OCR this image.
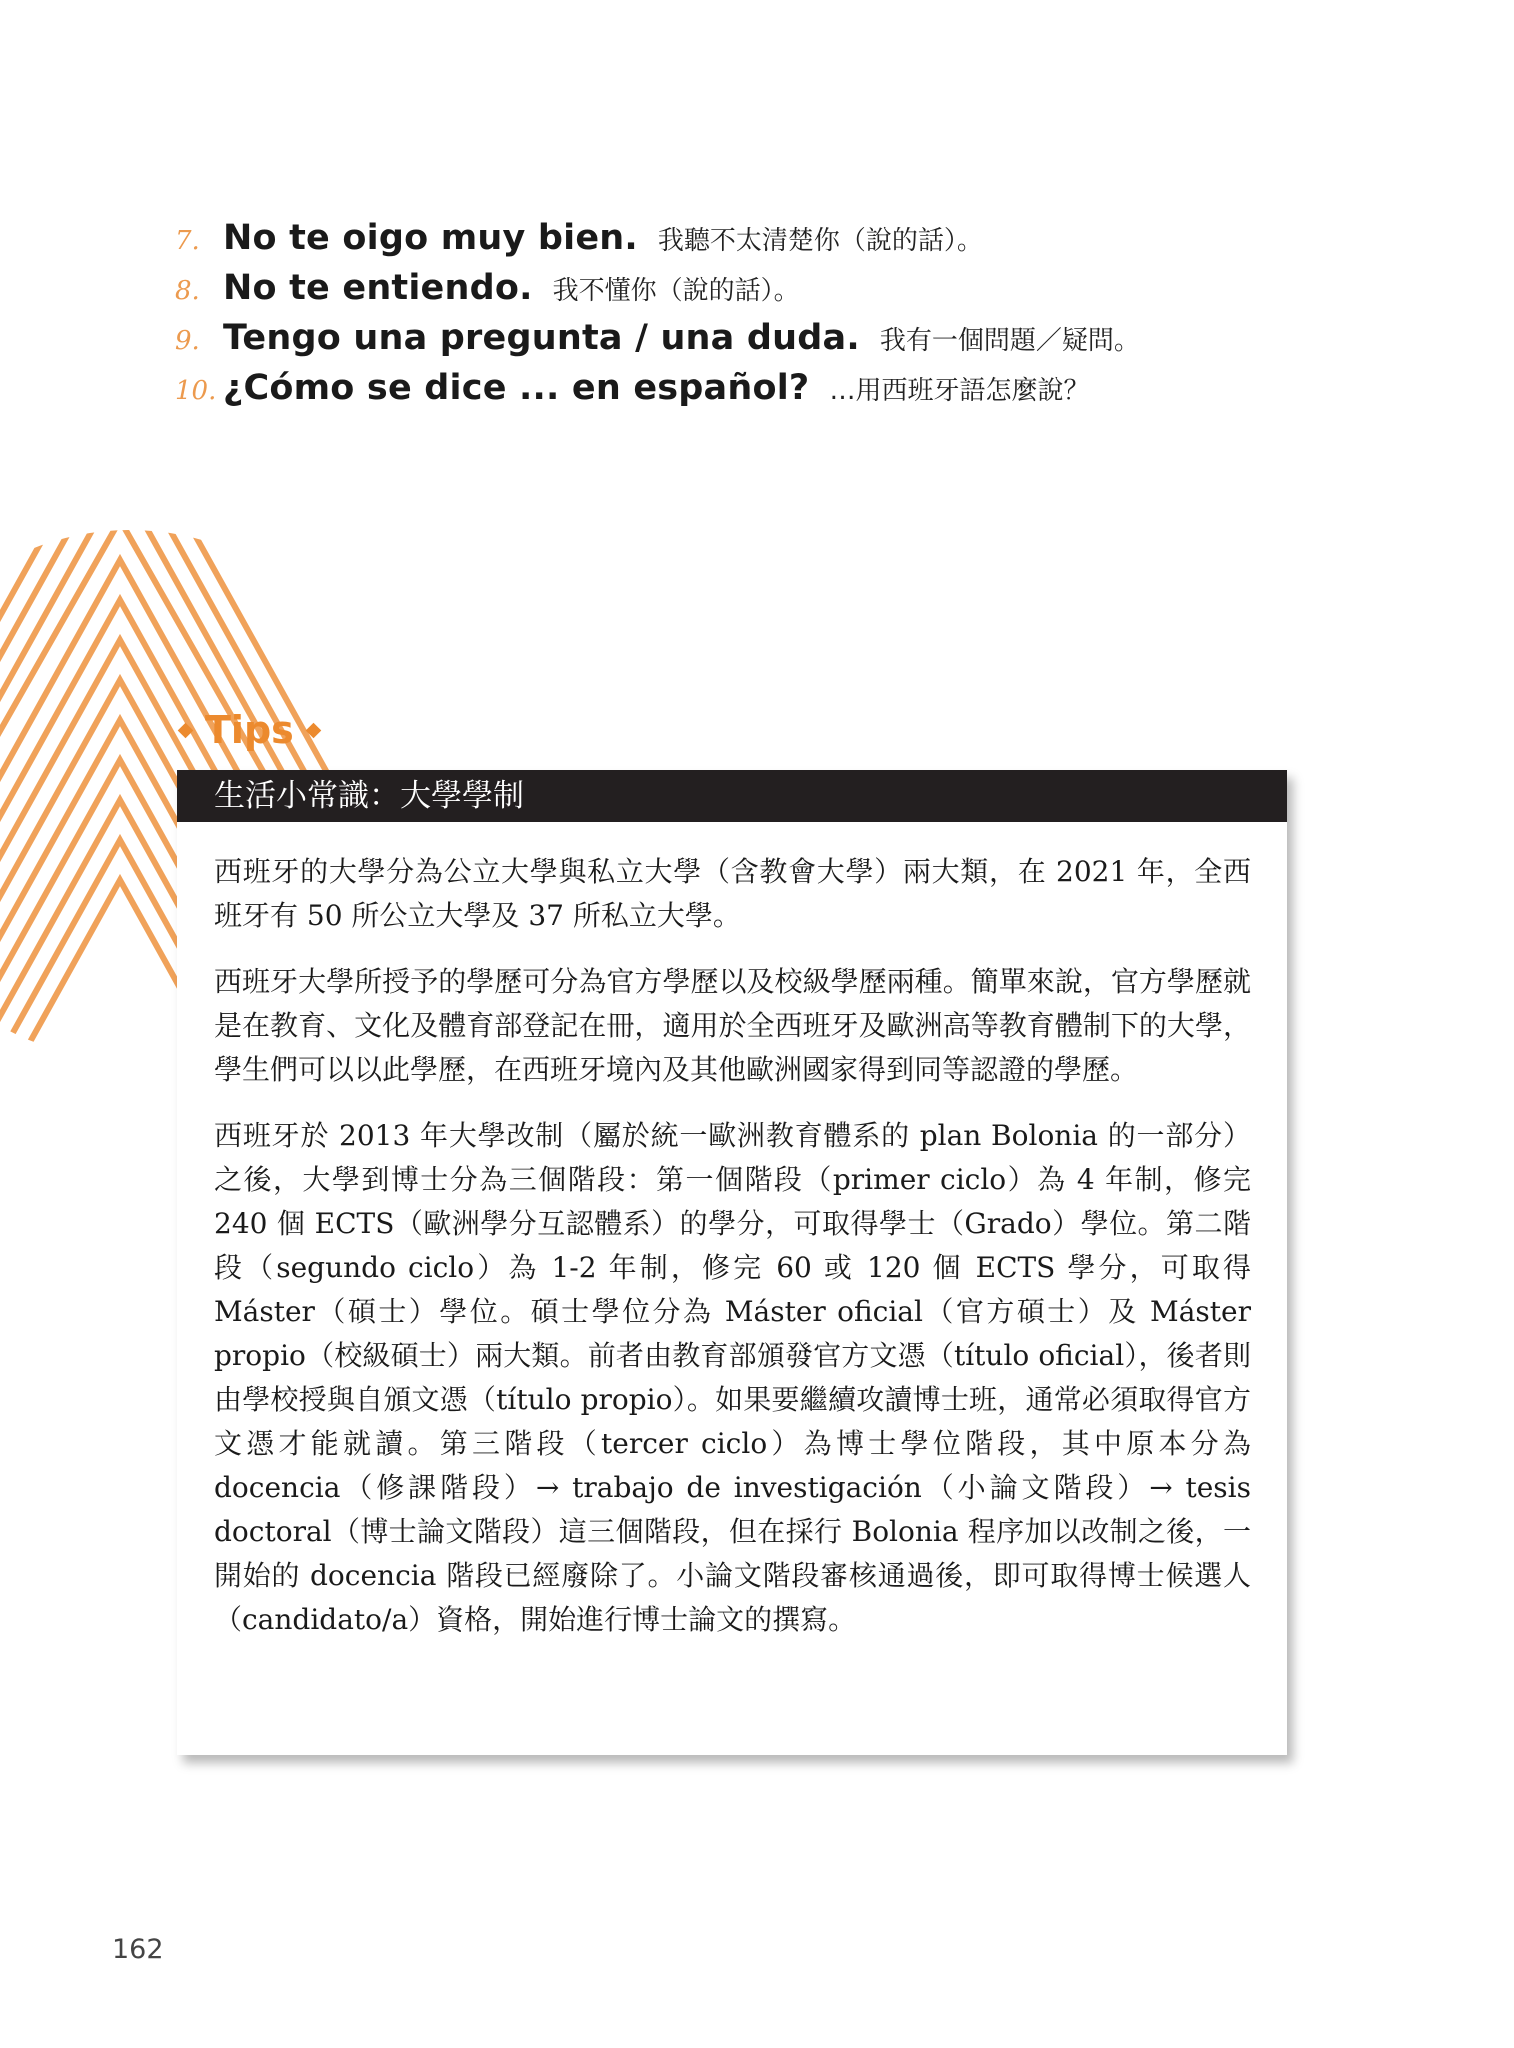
7. No te oigo muy bien. 我聽不太清楚你（說的話）。
8. No te entiendo. 我不懂你（說的話）。
9. Tengo una pregunta / una duda. 我有一個問題／疑問。
10. ¿Cómo se dice ... en español? …用西班牙語怎麼說？
Tips
生活小常識：大學學制

西班牙的大學分為公立大學與私立大學（含教會大學）兩大類，在 2021 年，全西班牙有 50 所公立大學及 37 所私立大學。

西班牙大學所授予的學歷可分為官方學歷以及校級學歷兩種。簡單來說，官方學歷就是在教育、文化及體育部登記在冊，適用於全西班牙及歐洲高等教育體制下的大學，學生們可以以此學歷，在西班牙境內及其他歐洲國家得到同等認證的學歷。

西班牙於 2013 年大學改制（屬於統一歐洲教育體系的 plan Bolonia 的一部分）之後，大學到博士分為三個階段：第一個階段（primer ciclo）為 4 年制，修完 240 個 ECTS（歐洲學分互認體系）的學分，可取得學士（Grado）學位。第二階段（segundo ciclo）為 1-2 年制，修完 60 或 120 個 ECTS 學分，可取得 Máster（碩士）學位。碩士學位分為 Máster oficial（官方碩士）及 Máster propio（校級碩士）兩大類。前者由教育部頒發官方文憑（título oficial），後者則由學校授與自頒文憑（título propio）。如果要繼續攻讀博士班，通常必須取得官方文憑才能就讀。第三階段（tercer ciclo）為博士學位階段，其中原本分為 docencia（修課階段）→ trabajo de investigación（小論文階段）→ tesis doctoral（博士論文階段）這三個階段，但在採行 Bolonia 程序加以改制之後，一開始的 docencia 階段已經廢除了。小論文階段審核通過後，即可取得博士候選人（candidato/a）資格，開始進行博士論文的撰寫。

162
